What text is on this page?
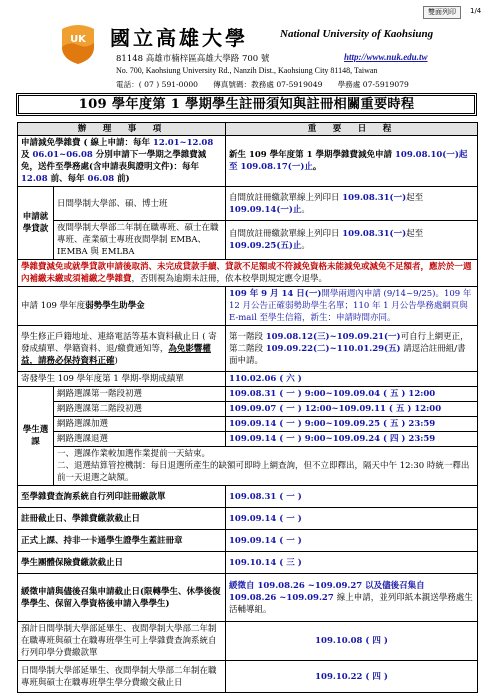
雙面列印	1/4
UK 國立高雄大學	National University of Kaohsiung
81148 高雄市楠梓區高雄大學路 700 號	http://www.nuk.edu.tw
No. 700, Kaohsiung University Rd., Nanzih Dist., Kaohsiung City 81148, Taiwan
電話：( 07 ) 591-0000　　傳真號碼：教務處 07-5919049　　學務處 07-5919079
109 學年度第 1 學期學生註冊須知與註冊相關重要時程
辦　理　事　項		重　要　日　程
申請減免學雜費 ( 線上申請：每年 12.01~12.08 及 06.01~06.08 分別申請下一學期之學雜費減免，送件至學務處(含申請表與證明文件)：每年 12.08 前、每年 06.08 前)		新生 109 學年度第 1 學期學雜費減免申請 109.08.10(一)起至 109.08.17(一)止。
申請就學貸款	日間學制大學部、碩、博士班	自間放註冊繳款單線上列印日 109.08.31(一)起至 109.09.14(一)止。
	夜間學制大學部二年制在職專班、碩士在職專班、產業碩士專班夜間學制 EMBA、IEMBA 與 EMLBA	自間放註冊繳款單線上列印日 109.08.31(一)起至 109.09.25(五)止。
學雜費減免或就學貸款申請後取消、未完成貸款手續、貸款不足額或不符減免資格未能減免或減免不足額者，應於於一週內補繳未繳或須補繳之學雜費，否則視為逾期未註冊，依本校學則規定應令退學。		
申請 109 學年度弱勢學生助學金		109 年 9 月 14 日(一)開學兩週內申請 (9/14~9/25)。109 年 12 月公告正確弱勢助學生名單；110 年 1 月公告學務處網頁與 E-mail 至學生信箱，新生：申請時間亦同。
學生修正戶籍地址、連絡電話等基本資料截止日 ( 寄發成績單、學籍資料、退/繳費通知等，為免影響權益，請務必保持資料正確)		第一階段 109.08.12(三)~109.09.21(一)可自行上網更正，第二階段 109.09.22(二)~110.01.29(五) 請逕洽註冊組/書面申請。
寄發學生 109 學年度第 1 學期-學期成績單		110.02.06 ( 六 )
學生選課	網路選課第一階段初選	109.08.31 ( 一 ) 9:00~109.09.04 ( 五 ) 12:00
	網路選課第二階段初選	109.09.07 ( 一 ) 12:00~109.09.11 ( 五 ) 12:00
	網路選課加選	109.09.14 ( 一 ) 9:00~109.09.25 ( 五 ) 23:59
	網路選課退選	109.09.14 ( 一 ) 9:00~109.09.24 ( 四 ) 23:59

	一、選課作業較加選作業提前一天結束。
二、退選結算管控機制：每日退選所產生的缺額可即時上網查詢，但不立即釋出，隔天中午 12:30 時統一釋出前一天退選之缺額。	

至學雜費查詢系統自行列印註冊繳款單		109.08.31 ( 一 )
註冊截止日、學雜費繳款截止日		109.09.14 ( 一 )
正式上課、持非一卡通學生證學生蓋註冊章		109.09.14 ( 一 )
學生團體保險費繳款截止日		109.10.14 ( 三 )
緩徵申請與儘後召集申請截止日(限轉學生、休學後復學學生、保留入學資格後申請入學學生)		緩徵自 109.08.26 ~109.09.27 以及儘後召集自 109.08.26 ~109.09.27 線上申請，並列印紙本親送學務處生活輔導組。
預計日間學制大學部延畢生、夜間學制大學部二年制在職專班與碩士在職專班學生可上學雜費查詢系統自行列印學分費繳款單		109.10.08 ( 四 )
日間學制大學部延畢生、夜間學制大學部二年制在職專班與碩士在職專班學生學分費繳交截止日		109.10.22 ( 四 )
